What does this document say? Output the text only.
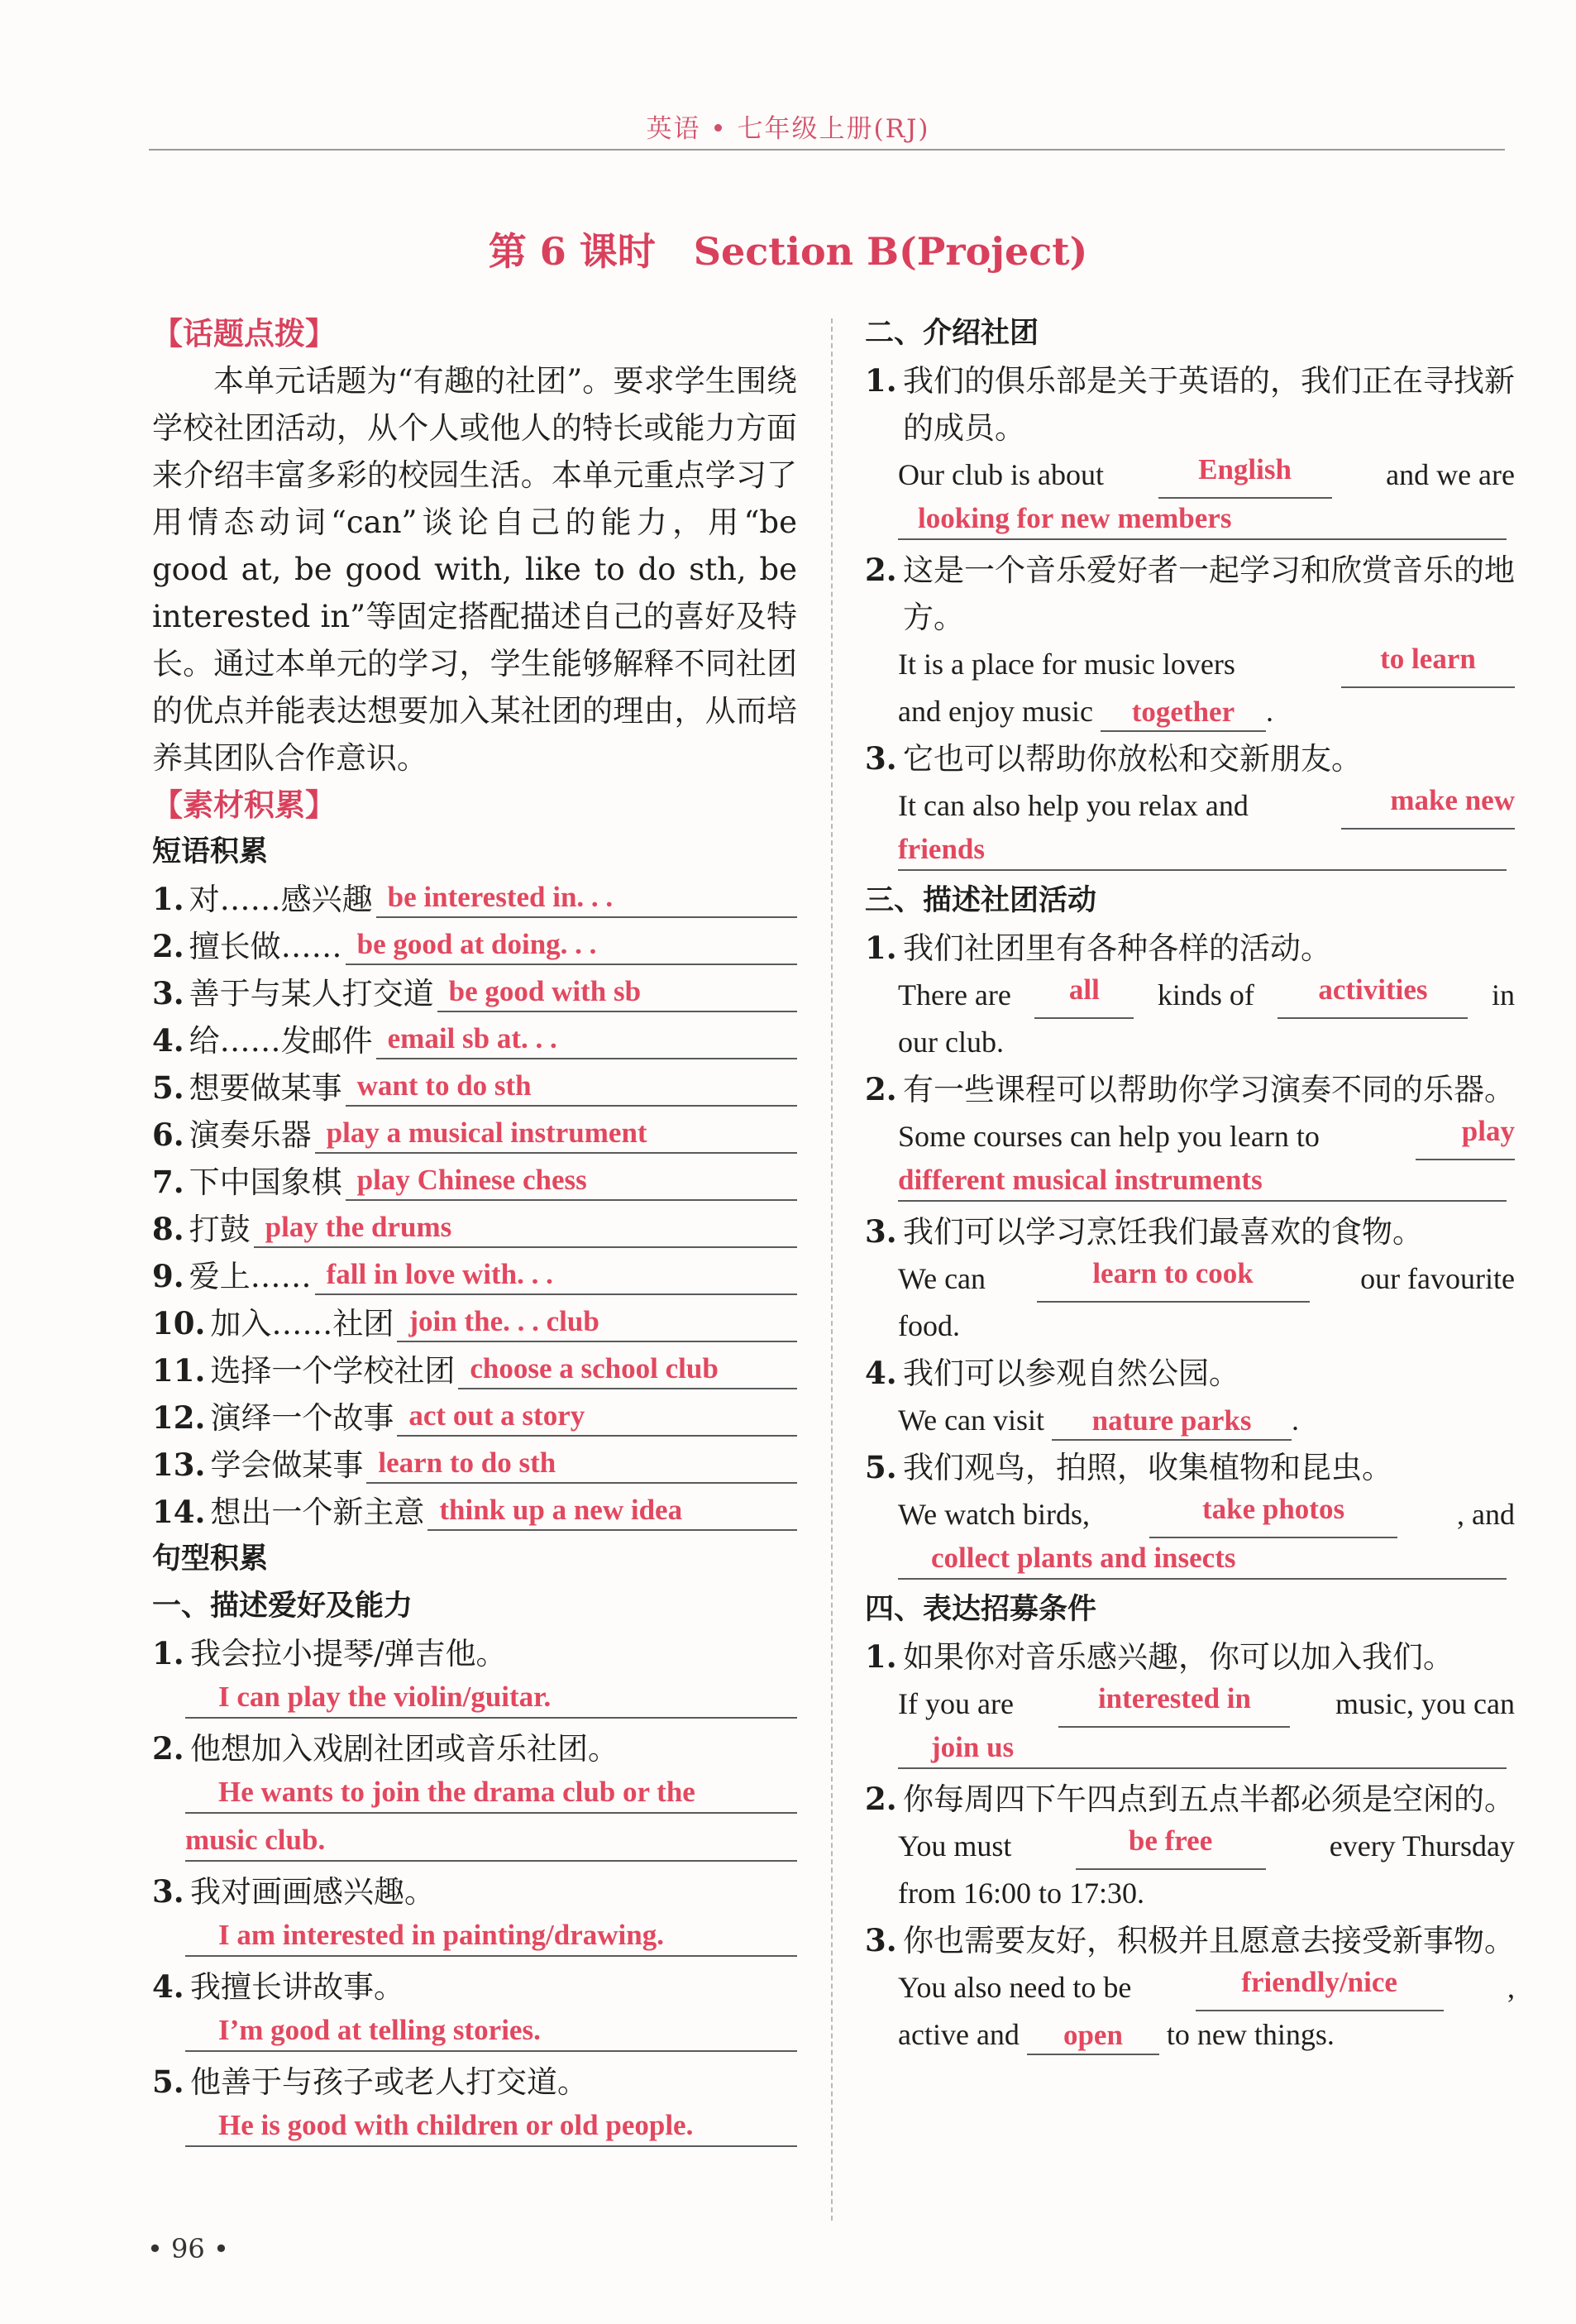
英语 • 七年级上册(RJ)
第 6 课时　Section B(Project)
【话题点拨】
本单元话题为“有趣的社团”。要求学生围绕学校社团活动，从个人或他人的特长或能力方面来介绍丰富多彩的校园生活。本单元重点学习了用情态动词“can”谈论自己的能力，用“be good at, be good with, like to do sth, be interested in”等固定搭配描述自己的喜好及特长。通过本单元的学习，学生能够解释不同社团的优点并能表达想要加入某社团的理由，从而培养其团队合作意识。
【素材积累】
短语积累
1. 对……感兴趣 be interested in. . .
2. 擅长做…… be good at doing. . .
3. 善于与某人打交道 be good with sb
4. 给……发邮件 email sb at. . .
5. 想要做某事 want to do sth
6. 演奏乐器 play a musical instrument
7. 下中国象棋 play Chinese chess
8. 打鼓 play the drums
9. 爱上…… fall in love with. . .
10. 加入……社团 join the. . . club
11. 选择一个学校社团 choose a school club
12. 演绎一个故事 act out a story
13. 学会做某事 learn to do sth
14. 想出一个新主意 think up a new idea
句型积累
一、描述爱好及能力
1. 我会拉小提琴/弹吉他。
I can play the violin/guitar.
2. 他想加入戏剧社团或音乐社团。
He wants to join the drama club or the
music club.
3. 我对画画感兴趣。
I am interested in painting/drawing.
4. 我擅长讲故事。
I’m good at telling stories.
5. 他善于与孩子或老人打交道。
He is good with children or old people.
二、介绍社团
1. 我们的俱乐部是关于英语的，我们正在寻找新的成员。
Our club is about	English	and we are
looking for new members
2. 这是一个音乐爱好者一起学习和欣赏音乐的地方。
It is a place for music lovers	to learn
and enjoy music together .
3. 它也可以帮助你放松和交新朋友。
It can also help you relax and	make new
friends
三、描述社团活动
1. 我们社团里有各种各样的活动。
There are	all	kinds of	activities	in
our club.
2. 有一些课程可以帮助你学习演奏不同的乐器。
Some courses can help you learn to	play
different musical instruments
3. 我们可以学习烹饪我们最喜欢的食物。
We can	learn to cook	our favourite
food.
4. 我们可以参观自然公园。
We can visit nature parks .
5. 我们观鸟，拍照，收集植物和昆虫。
We watch birds,	take photos	, and
collect plants and insects
四、表达招募条件
1. 如果你对音乐感兴趣，你可以加入我们。
If you are	interested in	music, you can
join us
2. 你每周四下午四点到五点半都必须是空闲的。
You must	be free	every Thursday
from 16:00 to 17:30.
3. 你也需要友好，积极并且愿意去接受新事物。
You also need to be	friendly/nice	,
active and open to new things.
• 96 •
